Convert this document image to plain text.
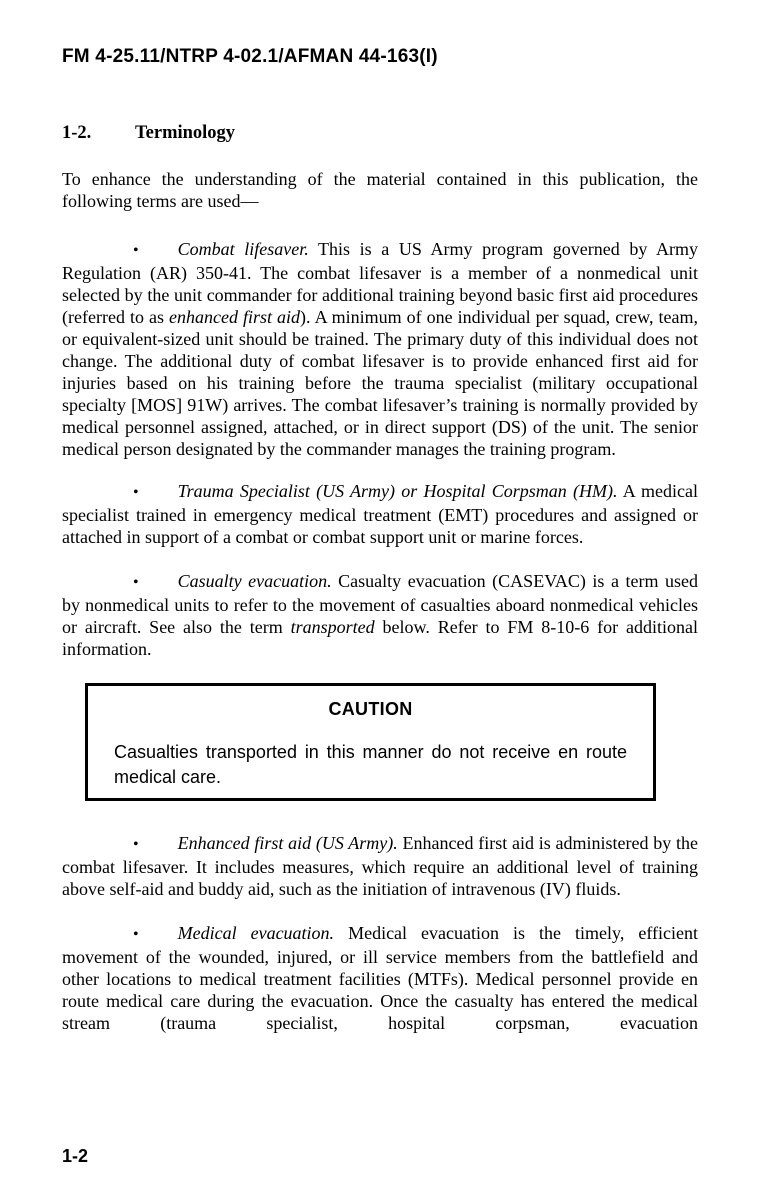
FM 4-25.11/NTRP 4-02.1/AFMAN 44-163(I)
1-2. Terminology

To enhance the understanding of the material contained in this publication, the following terms are used—

• Combat lifesaver. This is a US Army program governed by Army Regulation (AR) 350-41. The combat lifesaver is a member of a nonmedical unit selected by the unit commander for additional training beyond basic first aid procedures (referred to as enhanced first aid). A minimum of one individual per squad, crew, team, or equivalent-sized unit should be trained. The primary duty of this individual does not change. The additional duty of combat lifesaver is to provide enhanced first aid for injuries based on his training before the trauma specialist (military occupational specialty [MOS] 91W) arrives. The combat lifesaver’s training is normally provided by medical personnel assigned, attached, or in direct support (DS) of the unit. The senior medical person designated by the commander manages the training program.

• Trauma Specialist (US Army) or Hospital Corpsman (HM). A medical specialist trained in emergency medical treatment (EMT) procedures and assigned or attached in support of a combat or combat support unit or marine forces.

• Casualty evacuation. Casualty evacuation (CASEVAC) is a term used by nonmedical units to refer to the movement of casualties aboard nonmedical vehicles or aircraft. See also the term transported below. Refer to FM 8-10-6 for additional information.

CAUTION

Casualties transported in this manner do not receive en route medical care.

• Enhanced first aid (US Army). Enhanced first aid is administered by the combat lifesaver. It includes measures, which require an additional level of training above self-aid and buddy aid, such as the initiation of intravenous (IV) fluids.

• Medical evacuation. Medical evacuation is the timely, efficient movement of the wounded, injured, or ill service members from the battlefield and other locations to medical treatment facilities (MTFs). Medical personnel provide en route medical care during the evacuation. Once the casualty has entered the medical stream (trauma specialist, hospital corpsman, evacuation

1-2
